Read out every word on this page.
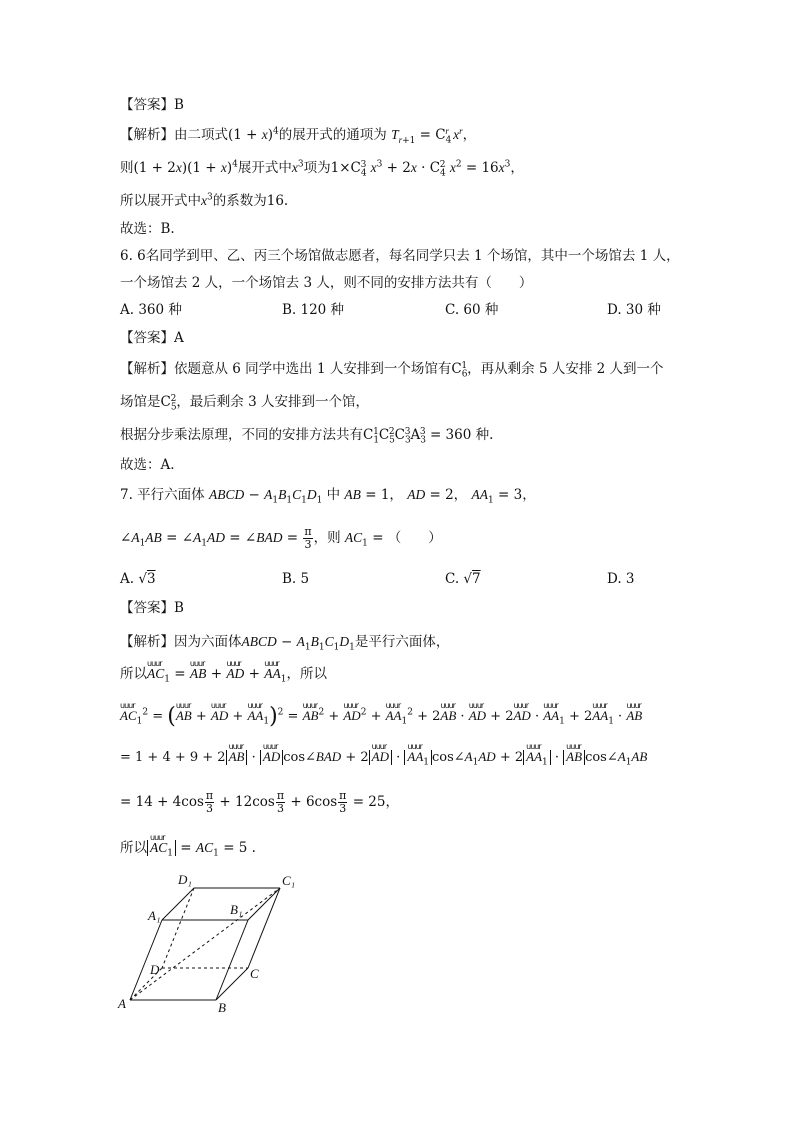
【答案】B
【解析】由二项式$(1 + x)^4$的展开式的通项为 $T_{r+1} = C_4^r$ $x^r$，
则$(1 + 2x)(1 + x)^4$展开式中$x^3$项为$1\times C_4^3$ $x^3 + 2x \cdot C_4^2$ $x^2 = 16x^3$，
所以展开式中$x^3$的系数为16.
故选：B.
6. 6名同学到甲、乙、丙三个场馆做志愿者，每名同学只去 1 个场馆，其中一个场馆去 1 人，
一个场馆去 2 人，一个场馆去 3 人，则不同的安排方法共有（　　）
A. 360 种	B. 120 种	C. 60 种	D. 30 种
【答案】A
【解析】依题意从 6 同学中选出 1 人安排到一个场馆有$C_6^1$，再从剩余 5 人安排 2 人到一个
场馆是$C_5^2$，最后剩余 3 人安排到一个馆，
根据分步乘法原理，不同的安排方法共有$C_1^1C_5^2C_3^3A_3^3 = 360$ 种.
故选：A.
7. 平行六面体 ABCD − $A_1B_1C_1D_1$ 中 AB = 1， AD = 2， $AA_1 = 3$，
$\angle A_1AB$ = $\angle A_1AD$ = ∠BAD = $\frac{\pi}{3}$ ，则 $AC_1$ = （　　）
A. √3	B. 5	C. √7	D. 3
【答案】B
【解析】因为六面体ABCD − $A_1B_1C_1D_1$是平行六面体，
所以uuur $AC_1$ = uuur AB + uuur AD + uuur $AA_1$，所以
uuur $AC_1^2$ = (uuur AB + uuur AD + uuur $AA_1)^2$ = uuur $AB^2$ + uuur $AD^2$ + uuur $AA_1^2$ + 2uuur AB · uuur AD + 2uuur AD · uuur $AA_1$ + 2uuur $AA_1$ · uuur AB
= 1 + 4 + 9 + 2 uuur AB · uuur AD cos∠BAD + 2 uuur AD · uuur $AA_1$ $\cos\angle A_1AD + 2$ uuur $AA_1$ · uuur AB $\cos\angle A_1AB$
= $14 + 4\cos \frac{\pi}{3} + 12\cos \frac{\pi}{3} + 6\cos \frac{\pi}{3} = 25$，
所以 uuur $AC_1 = AC_1 = 5$ .
D₁	C₁
A₁	B₁
D	C
A	B
